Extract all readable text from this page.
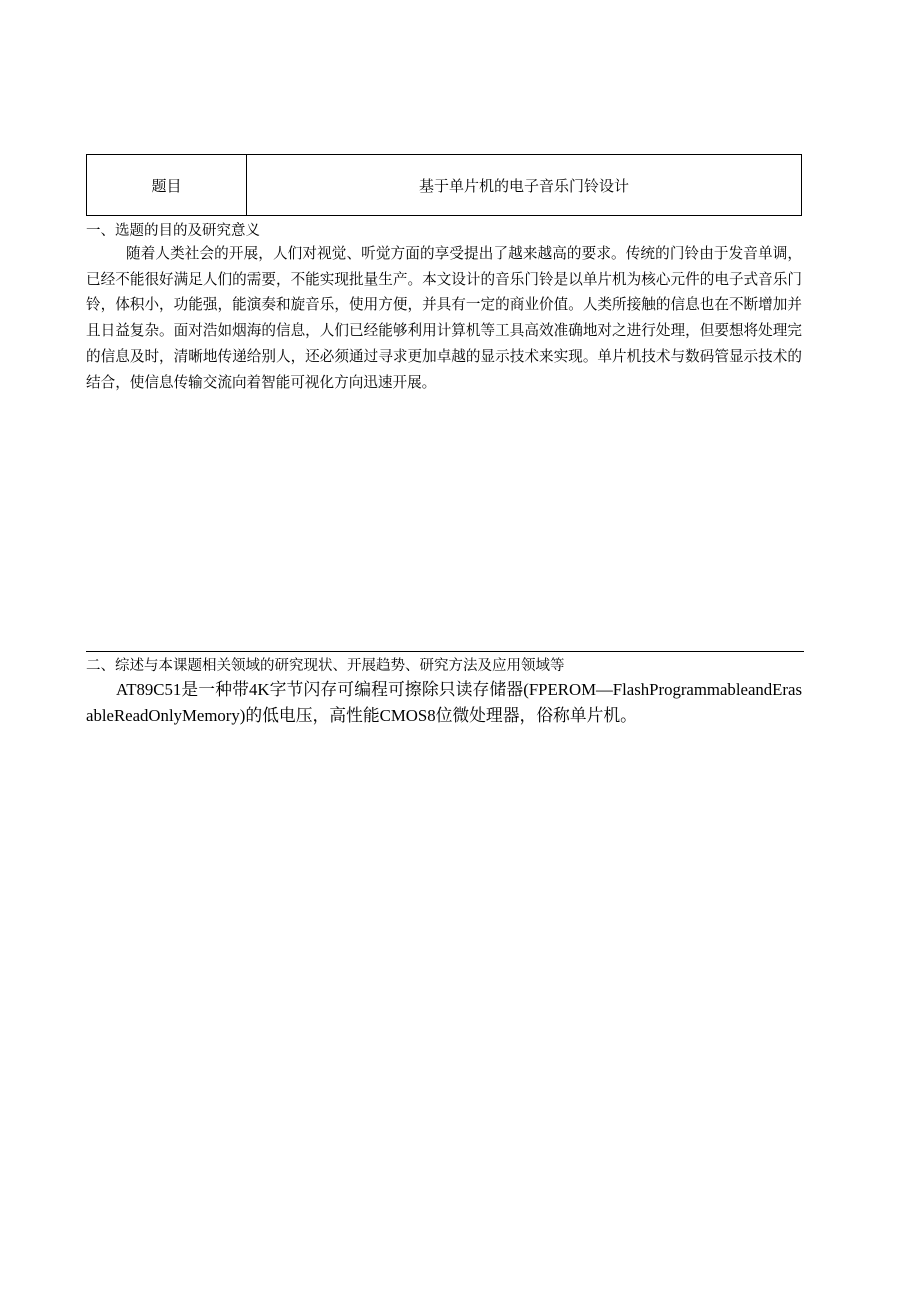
题目	基于单片机的电子音乐门铃设计
一、选题的目的及研究意义

随着人类社会的开展，人们对视觉、听觉方面的享受提出了越来越高的要求。传统的门铃由于发音单调，已经不能很好满足人们的需要，不能实现批量生产。本文设计的音乐门铃是以单片机为核心元件的电子式音乐门铃，体积小，功能强，能演奏和旋音乐，使用方便，并具有一定的商业价值。人类所接触的信息也在不断增加并且日益复杂。面对浩如烟海的信息，人们已经能够利用计算机等工具高效准确地对之进行处理，但要想将处理完的信息及时，清晰地传递给别人，还必须通过寻求更加卓越的显示技术来实现。单片机技术与数码管显示技术的结合，使信息传输交流向着智能可视化方向迅速开展。

二、综述与本课题相关领域的研究现状、开展趋势、研究方法及应用领域等

AT89C51是一种带4K字节闪存可编程可擦除只读存储器(FPEROM—FlashProgrammableandErasableReadOnlyMemory)的低电压，高性能CMOS8位微处理器，俗称单片机。
